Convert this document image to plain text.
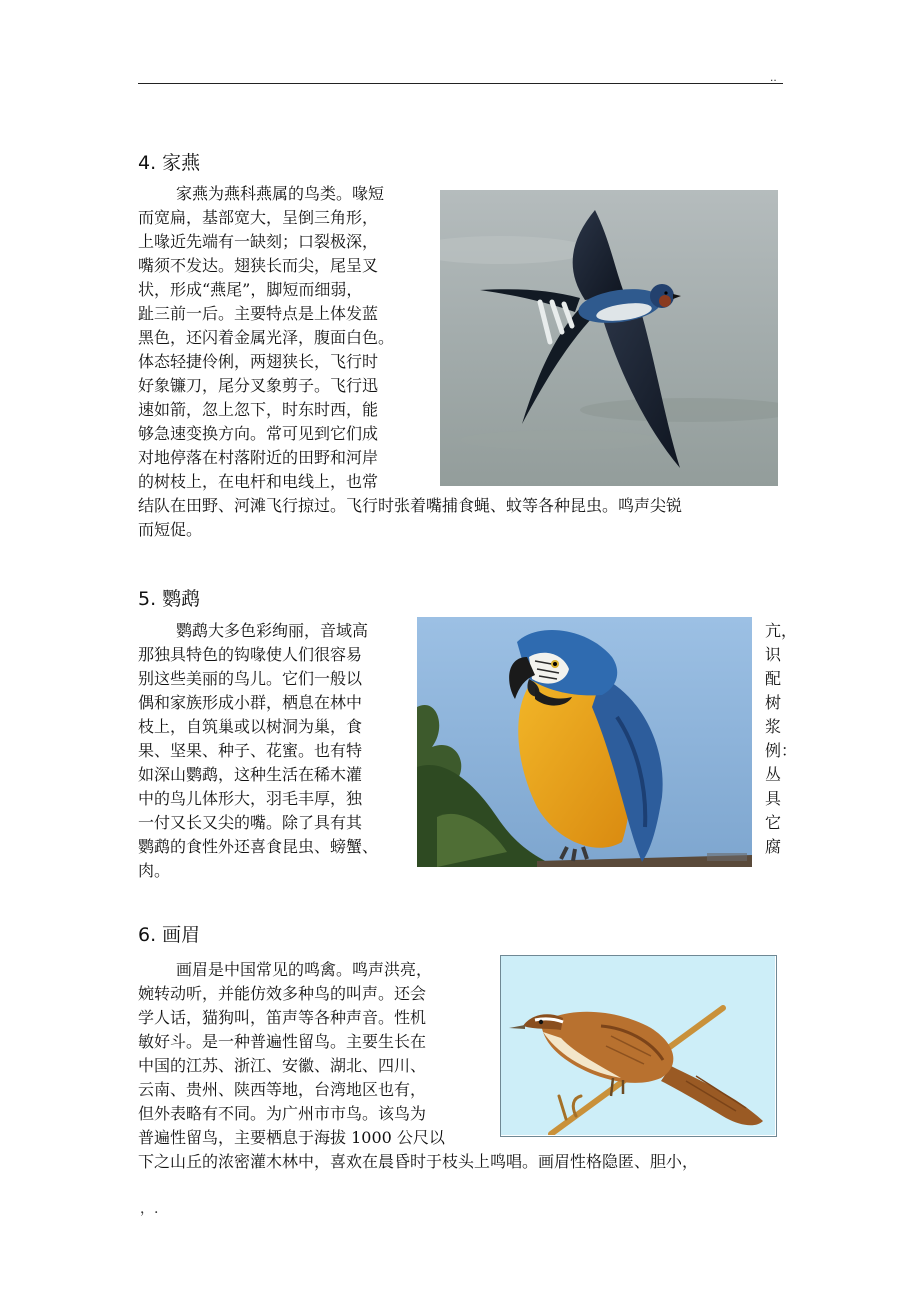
..
4. 家燕
家燕为燕科燕属的鸟类。喙短
而宽扁，基部宽大，呈倒三角形，
上喙近先端有一缺刻；口裂极深，
嘴须不发达。翅狭长而尖，尾呈叉
状，形成“燕尾”，脚短而细弱，
趾三前一后。主要特点是上体发蓝
黑色，还闪着金属光泽，腹面白色。
体态轻捷伶俐，两翅狭长，飞行时
好象镰刀，尾分叉象剪子。飞行迅
速如箭，忽上忽下，时东时西，能
够急速变换方向。常可见到它们成
对地停落在村落附近的田野和河岸
的树枝上，在电杆和电线上，也常
结队在田野、河滩飞行掠过。飞行时张着嘴捕食蝇、蚊等各种昆虫。鸣声尖锐
而短促。
5. 鹦鹉
鹦鹉大多色彩绚丽，音域高
那独具特色的钩喙使人们很容易
别这些美丽的鸟儿。它们一般以
偶和家族形成小群，栖息在林中
枝上，自筑巢或以树洞为巢，食
果、坚果、种子、花蜜。也有特
如深山鹦鹉，这种生活在稀木灌
中的鸟儿体形大，羽毛丰厚，独
一付又长又尖的嘴。除了具有其
鹦鹉的食性外还喜食昆虫、螃蟹、
肉。
亢，
识
配
树
浆
例：
丛
具
它
腐
6. 画眉
画眉是中国常见的鸣禽。鸣声洪亮，
婉转动听，并能仿效多种鸟的叫声。还会
学人话，猫狗叫，笛声等各种声音。性机
敏好斗。是一种普遍性留鸟。主要生长在
中国的江苏、浙江、安徽、湖北、四川、
云南、贵州、陕西等地，台湾地区也有，
但外表略有不同。为广州市市鸟。该鸟为
普遍性留鸟，主要栖息于海拔 1000 公尺以
下之山丘的浓密灌木林中，喜欢在晨昏时于枝头上鸣唱。画眉性格隐匿、胆小，
，.
